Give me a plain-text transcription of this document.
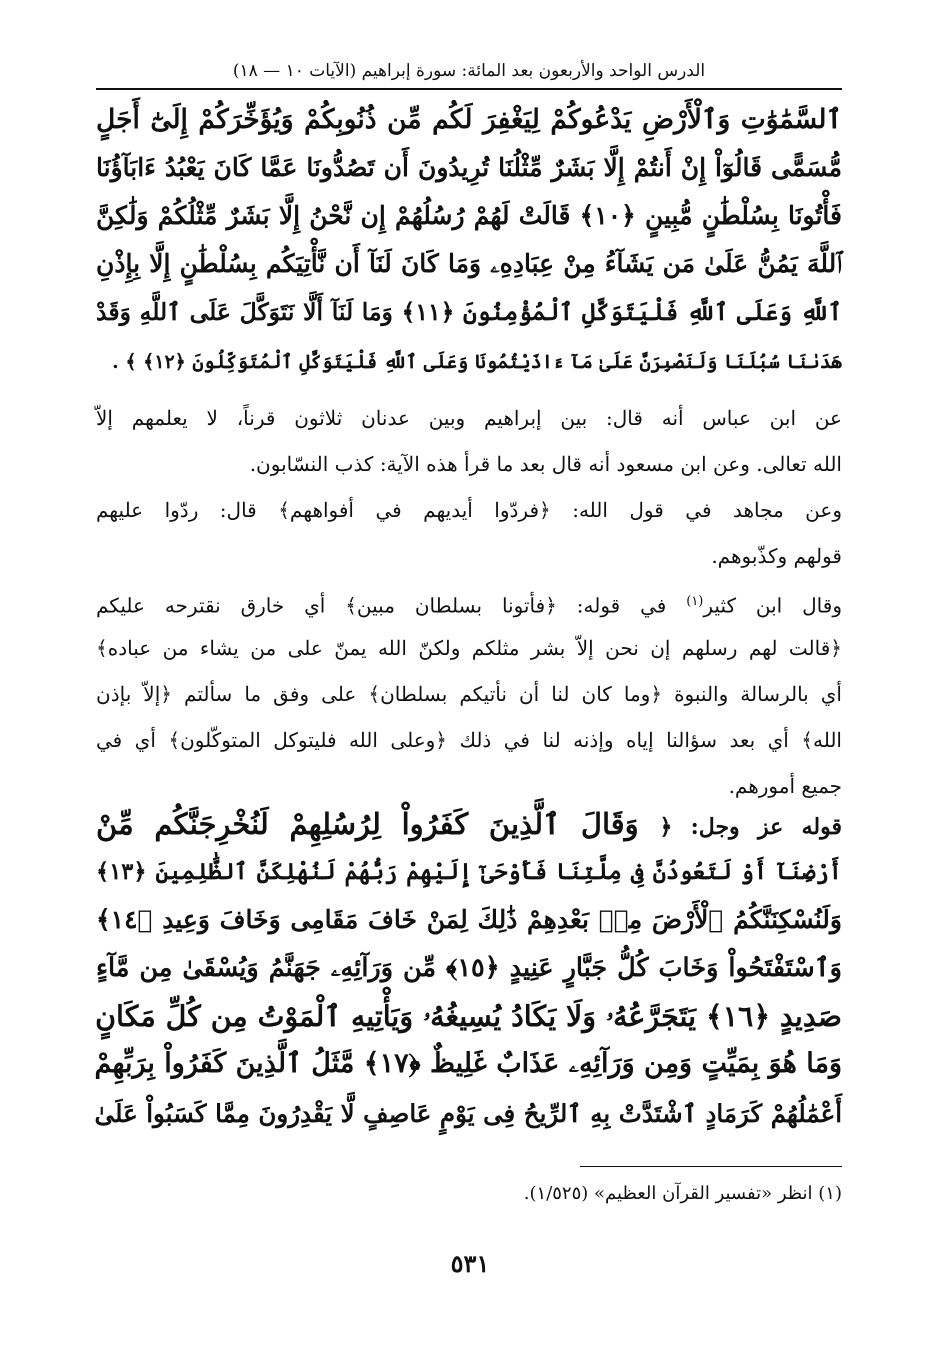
الدرس الواحد والأربعون بعد المائة: سورة إبراهيم (الآيات ١٠ — ١٨)
ٱلسَّمَٰوَٰتِ وَٱلْأَرْضِ يَدْعُوكُمْ لِيَغْفِرَ لَكُم مِّن ذُنُوبِكُمْ وَيُؤَخِّرَكُمْ إِلَىٰٓ أَجَلٍ
مُّسَمًّى قَالُوٓاْ إِنْ أَنتُمْ إِلَّا بَشَرٌ مِّثْلُنَا تُرِيدُونَ أَن تَصُدُّونَا عَمَّا كَانَ يَعْبُدُ ءَابَآؤُنَا
فَأْتُونَا بِسُلْطَٰنٍ مُّبِينٍ ﴿١٠﴾ قَالَتْ لَهُمْ رُسُلُهُمْ إِن نَّحْنُ إِلَّا بَشَرٌ مِّثْلُكُمْ وَلَٰكِنَّ
ٱللَّهَ يَمُنُّ عَلَىٰ مَن يَشَآءُ مِنْ عِبَادِهِۦ وَمَا كَانَ لَنَآ أَن نَّأْتِيَكُم بِسُلْطَٰنٍ إِلَّا بِإِذْنِ
ٱللَّهِ وَعَلَى ٱللَّهِ فَلْيَتَوَكَّلِ ٱلْمُؤْمِنُونَ ﴿١١﴾ وَمَا لَنَآ أَلَّا نَتَوَكَّلَ عَلَى ٱللَّهِ وَقَدْ
هَدَىٰنَا سُبُلَنَا وَلَنَصْبِرَنَّ عَلَىٰ مَآ ءَاذَيْتُمُونَا وَعَلَى ٱللَّهِ فَلْيَتَوَكَّلِ ٱلْمُتَوَكِّلُونَ ﴿١٢﴾ ﴾ .
عن ابن عباس أنه قال: بين إبراهيم وبين عدنان ثلاثون قرناً، لا يعلمهم إلاّ
الله تعالى. وعن ابن مسعود أنه قال بعد ما قرأ هذه الآية: كذب النسّابون.
وعن مجاهد في قول الله: ﴿فردّوا أيديهم في أفواههم﴾ قال: ردّوا عليهم
قولهم وكذّبوهم.
وقال ابن كثير$^{(١)}$ في قوله: ﴿فأتونا بسلطان مبين﴾ أي خارق نقترحه عليكم
﴿قالت لهم رسلهم إن نحن إلاّ بشر مثلكم ولكنّ الله يمنّ على من يشاء من عباده﴾
أي بالرسالة والنبوة ﴿وما كان لنا أن نأتيكم بسلطان﴾ على وفق ما سألتم ﴿إلاّ بإذن
الله﴾ أي بعد سؤالنا إياه وإذنه لنا في ذلك ﴿وعلى الله فليتوكل المتوكّلون﴾ أي في
جميع أمورهم.
قوله عز وجل: ﴿ وَقَالَ ٱلَّذِينَ كَفَرُواْ لِرُسُلِهِمْ لَنُخْرِجَنَّكُم مِّنْ
أَرْضِنَآ أَوْ لَتَعُودُنَّ فِى مِلَّتِنَا فَأَوْحَىٰٓ إِلَيْهِمْ رَبُّهُمْ لَنُهْلِكَنَّ ٱلظَّٰلِمِينَ ﴿١٣﴾
وَلَنُسْكِنَنَّكُمُ ٱلْأَرْضَ مِنۢ بَعْدِهِمْ ذَٰلِكَ لِمَنْ خَافَ مَقَامِى وَخَافَ وَعِيدِ ﴿١٤﴾
وَٱسْتَفْتَحُواْ وَخَابَ كُلُّ جَبَّارٍ عَنِيدٍ ﴿١٥﴾ مِّن وَرَآئِهِۦ جَهَنَّمُ وَيُسْقَىٰ مِن مَّآءٍ
صَدِيدٍ ﴿١٦﴾ يَتَجَرَّعُهُۥ وَلَا يَكَادُ يُسِيغُهُۥ وَيَأْتِيهِ ٱلْمَوْتُ مِن كُلِّ مَكَانٍ
وَمَا هُوَ بِمَيِّتٍ وَمِن وَرَآئِهِۦ عَذَابٌ غَلِيظٌ ﴿١٧﴾ مَّثَلُ ٱلَّذِينَ كَفَرُواْ بِرَبِّهِمْ
أَعْمَٰلُهُمْ كَرَمَادٍ ٱشْتَدَّتْ بِهِ ٱلرِّيحُ فِى يَوْمٍ عَاصِفٍ لَّا يَقْدِرُونَ مِمَّا كَسَبُواْ عَلَىٰ
(١) انظر «تفسير القرآن العظيم» (١/٥٢٥).
٥٣١
